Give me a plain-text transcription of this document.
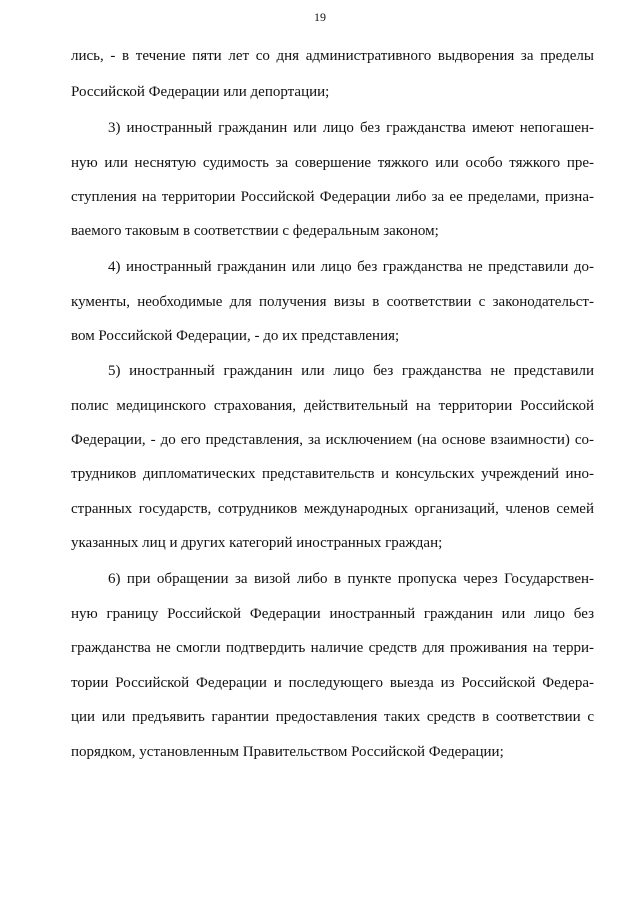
19
лись, - в течение пяти лет со дня административного выдворения за пределы
Российской Федерации или депортации;
3) иностранный гражданин или лицо без гражданства имеют непогашен-
ную или неснятую судимость за совершение тяжкого или особо тяжкого пре-
ступления на территории Российской Федерации либо за ее пределами, призна-
ваемого таковым в соответствии с федеральным законом;
4) иностранный гражданин или лицо без гражданства не представили до-
кументы, необходимые для получения визы в соответствии с законодательст-
вом Российской Федерации, - до их представления;
5) иностранный гражданин или лицо без гражданства не представили
полис медицинского страхования, действительный на территории Российской
Федерации, - до его представления, за исключением (на основе взаимности) со-
трудников дипломатических представительств и консульских учреждений ино-
странных государств, сотрудников международных организаций, членов семей
указанных лиц и других категорий иностранных граждан;
6) при обращении за визой либо в пункте пропуска через Государствен-
ную границу Российской Федерации иностранный гражданин или лицо без
гражданства не смогли подтвердить наличие средств для проживания на терри-
тории Российской Федерации и последующего выезда из Российской Федера-
ции или предъявить гарантии предоставления таких средств в соответствии с
порядком, установленным Правительством Российской Федерации;
